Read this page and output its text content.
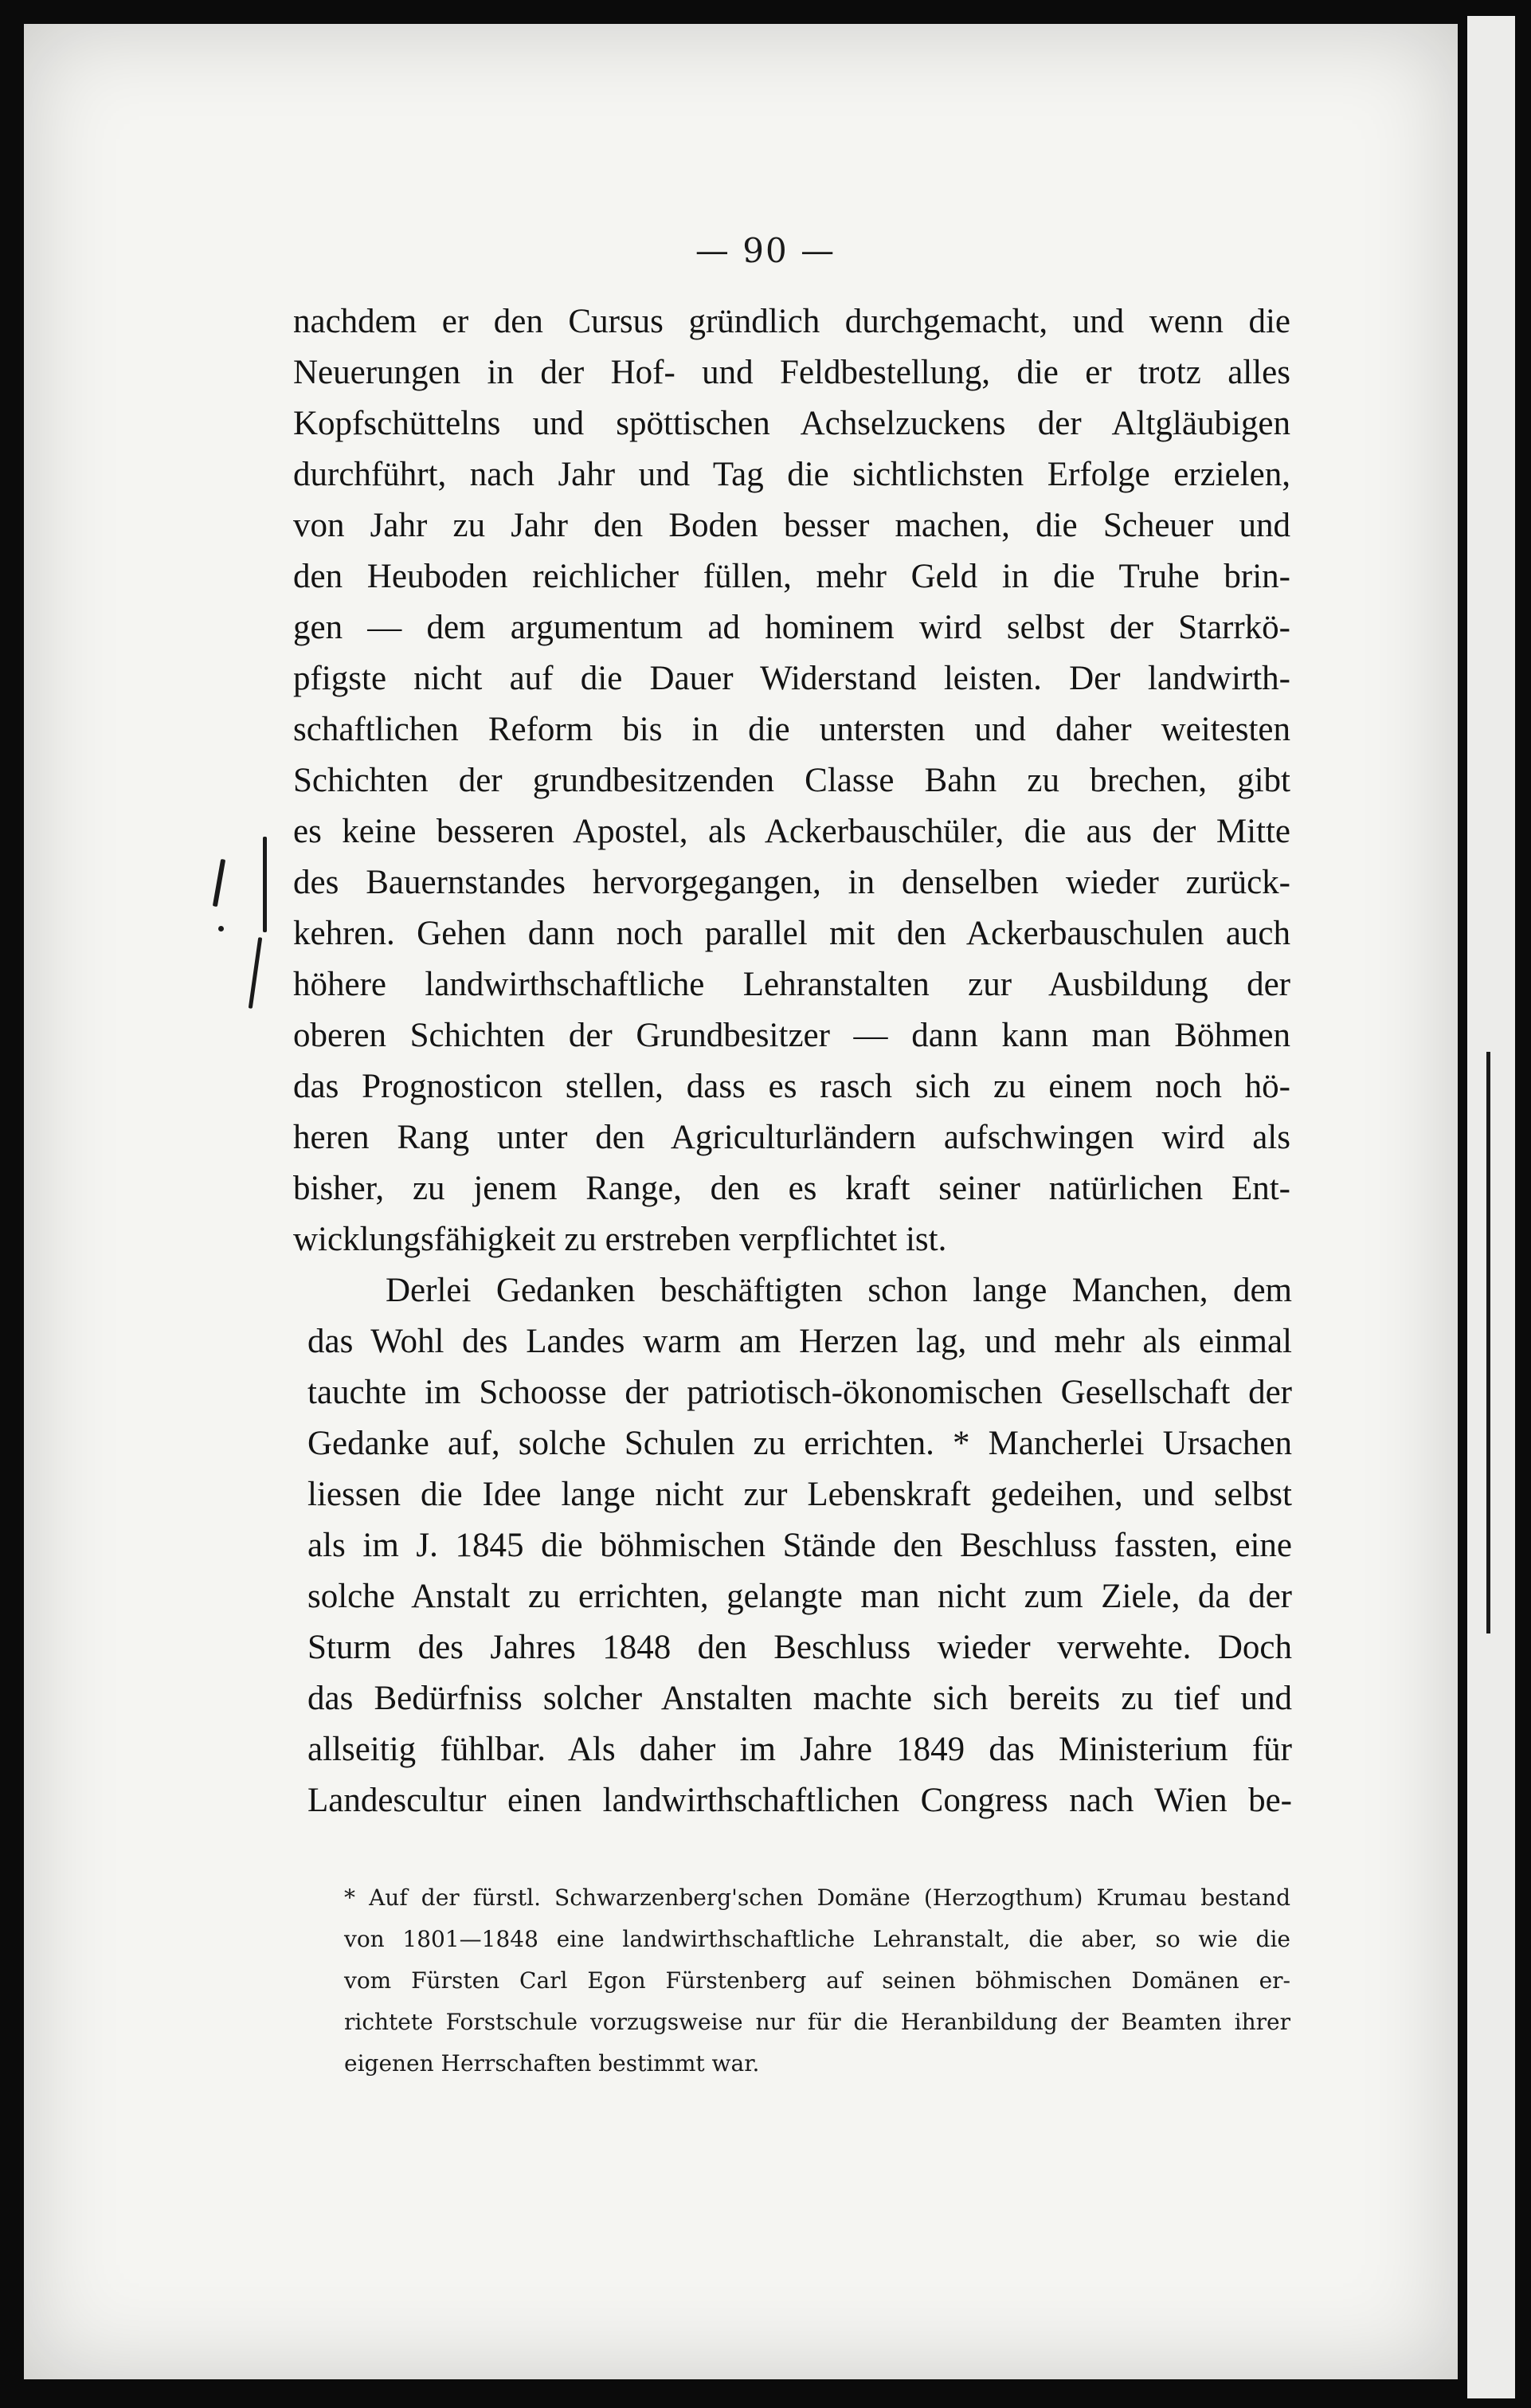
— 90 —
nachdem er den Cursus gründlich durchgemacht, und wenn die
Neuerungen in der Hof- und Feldbestellung, die er trotz alles
Kopfschüttelns und spöttischen Achselzuckens der Altgläubigen
durchführt, nach Jahr und Tag die sichtlichsten Erfolge erzielen,
von Jahr zu Jahr den Boden besser machen, die Scheuer und
den Heuboden reichlicher füllen, mehr Geld in die Truhe brin-
gen — dem argumentum ad hominem wird selbst der Starrkö-
pfigste nicht auf die Dauer Widerstand leisten. Der landwirth-
schaftlichen Reform bis in die untersten und daher weitesten
Schichten der grundbesitzenden Classe Bahn zu brechen, gibt
es keine besseren Apostel, als Ackerbauschüler, die aus der Mitte
des Bauernstandes hervorgegangen, in denselben wieder zurück-
kehren. Gehen dann noch parallel mit den Ackerbauschulen auch
höhere landwirthschaftliche Lehranstalten zur Ausbildung der
oberen Schichten der Grundbesitzer — dann kann man Böhmen
das Prognosticon stellen, dass es rasch sich zu einem noch hö-
heren Rang unter den Agriculturländern aufschwingen wird als
bisher, zu jenem Range, den es kraft seiner natürlichen Ent-
wicklungsfähigkeit zu erstreben verpflichtet ist.
Derlei Gedanken beschäftigten schon lange Manchen, dem
das Wohl des Landes warm am Herzen lag, und mehr als einmal
tauchte im Schoosse der patriotisch-ökonomischen Gesellschaft der
Gedanke auf, solche Schulen zu errichten. * Mancherlei Ursachen
liessen die Idee lange nicht zur Lebenskraft gedeihen, und selbst
als im J. 1845 die böhmischen Stände den Beschluss fassten, eine
solche Anstalt zu errichten, gelangte man nicht zum Ziele, da der
Sturm des Jahres 1848 den Beschluss wieder verwehte. Doch
das Bedürfniss solcher Anstalten machte sich bereits zu tief und
allseitig fühlbar. Als daher im Jahre 1849 das Ministerium für
Landescultur einen landwirthschaftlichen Congress nach Wien be-
* Auf der fürstl. Schwarzenberg'schen Domäne (Herzogthum) Krumau bestand
von 1801—1848 eine landwirthschaftliche Lehranstalt, die aber, so wie die
vom Fürsten Carl Egon Fürstenberg auf seinen böhmischen Domänen er-
richtete Forstschule vorzugsweise nur für die Heranbildung der Beamten ihrer
eigenen Herrschaften bestimmt war.
